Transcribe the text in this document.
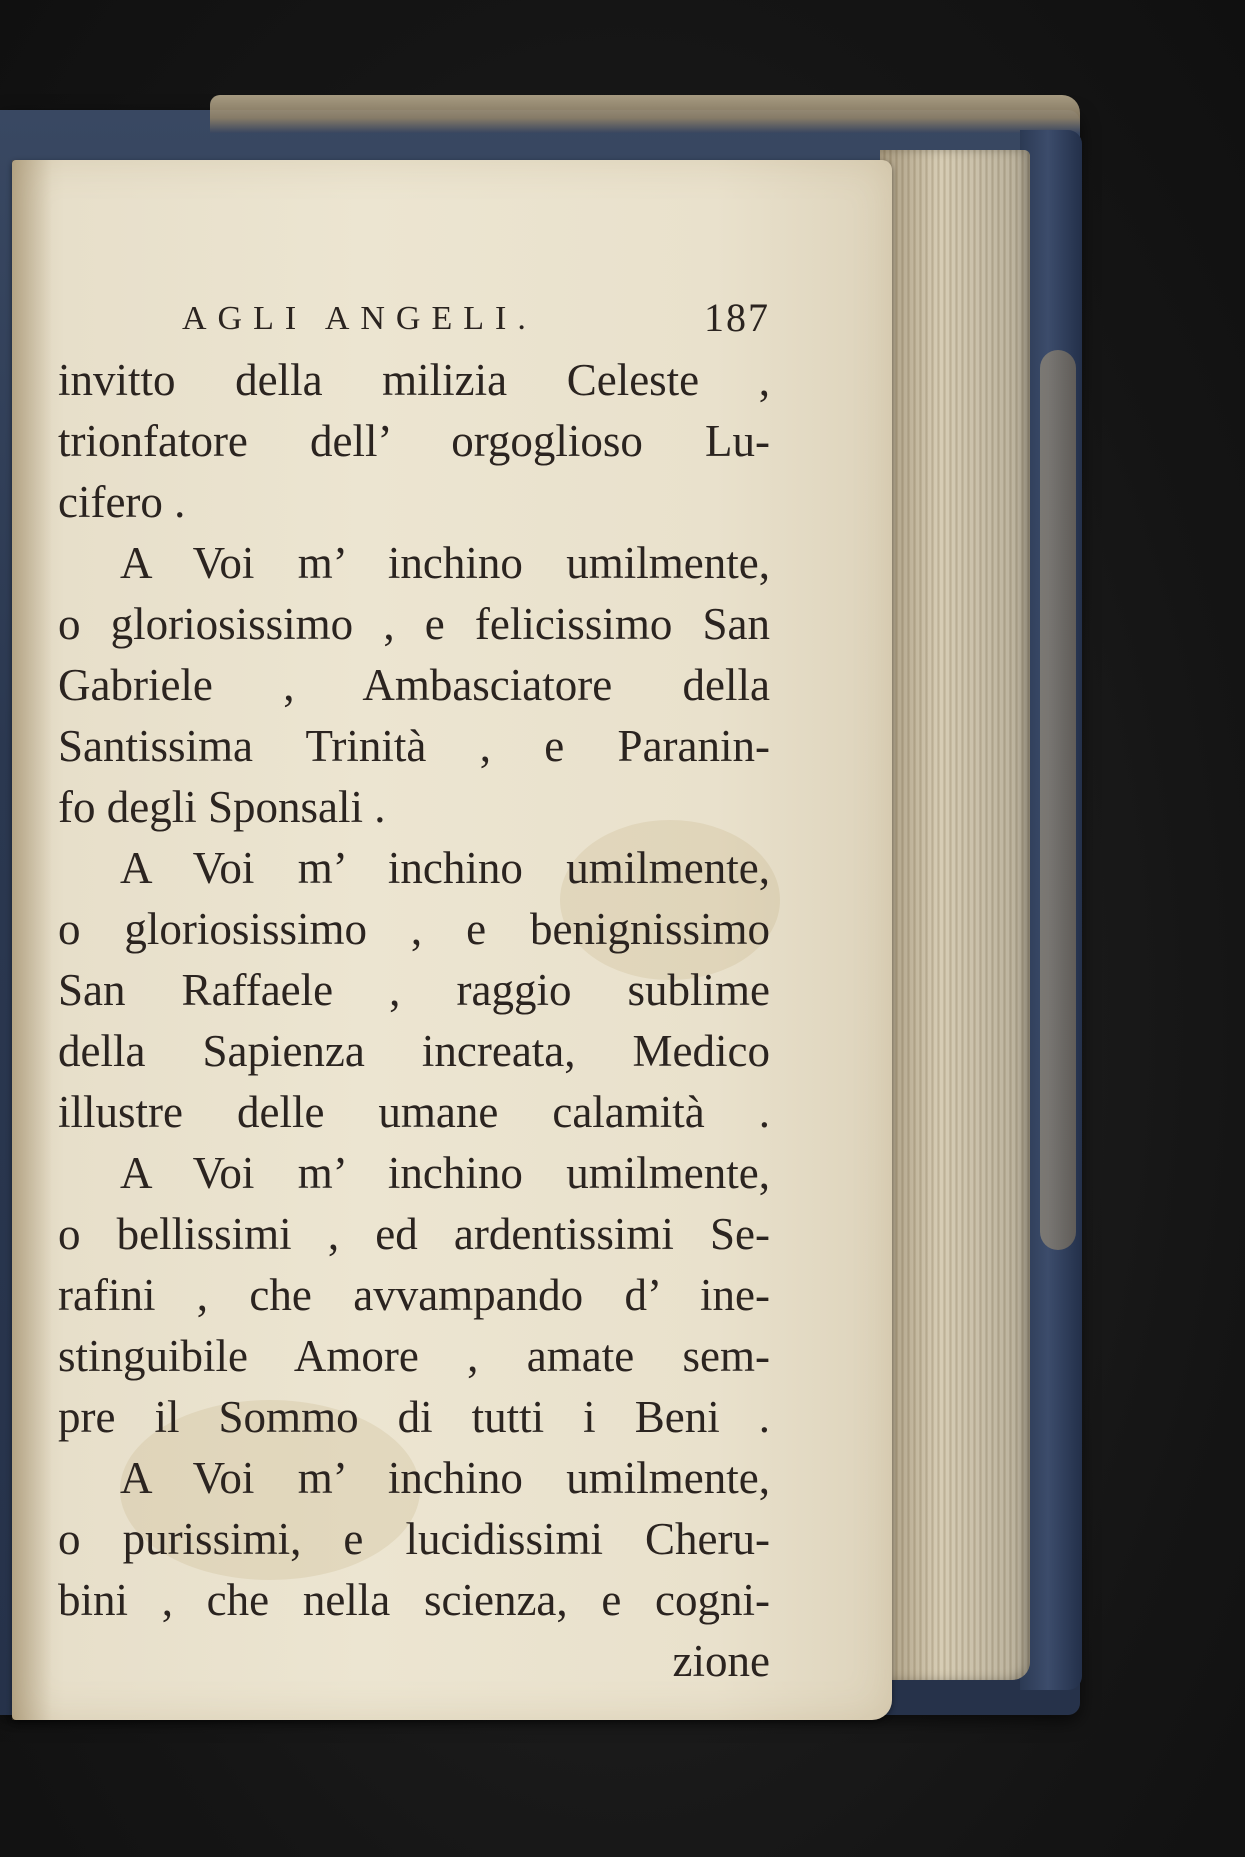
AGLI ANGELI.	187
invitto della milizia Celeste ,
trionfatore dell’ orgoglioso Lu-
cifero .
A Voi m’ inchino umilmente,
o gloriosissimo , e felicissimo San
Gabriele , Ambasciatore della
Santissima Trinità , e Paranin-
fo degli Sponsali .
A Voi m’ inchino umilmente,
o gloriosissimo , e benignissimo
San Raffaele , raggio sublime
della Sapienza increata, Medico
illustre delle umane calamità .
A Voi m’ inchino umilmente,
o bellissimi , ed ardentissimi Se-
rafini , che avvampando d’ ine-
stinguibile Amore , amate sem-
pre il Sommo di tutti i Beni .
A Voi m’ inchino umilmente,
o purissimi, e lucidissimi Cheru-
bini , che nella scienza, e cogni-
zione
